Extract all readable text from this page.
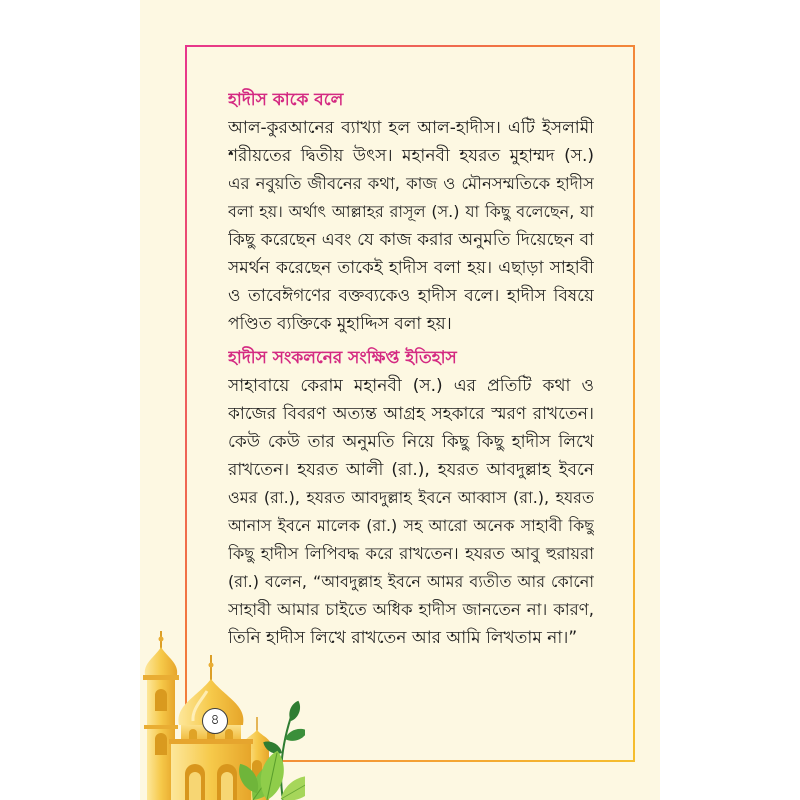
হাদীস কাকে বলে
আল-কুরআনের ব্যাখ্যা হল আল-হাদীস। এটি ইসলামী
শরীয়তের দ্বিতীয় উৎস। মহানবী হযরত মুহাম্মদ (স.)
এর নবুয়তি জীবনের কথা, কাজ ও মৌনসম্মতিকে হাদীস
বলা হয়। অর্থাৎ আল্লাহর রাসূল (স.) যা কিছু বলেছেন, যা
কিছু করেছেন এবং যে কাজ করার অনুমতি দিয়েছেন বা
সমর্থন করেছেন তাকেই হাদীস বলা হয়। এছাড়া সাহাবী
ও তাবেঈগণের বক্তব্যকেও হাদীস বলে। হাদীস বিষয়ে
পণ্ডিত ব্যক্তিকে মুহাদ্দিস বলা হয়।
হাদীস সংকলনের সংক্ষিপ্ত ইতিহাস
সাহাবায়ে কেরাম মহানবী (স.) এর প্রতিটি কথা ও
কাজের বিবরণ অত্যন্ত আগ্রহ সহকারে স্মরণ রাখতেন।
কেউ কেউ তার অনুমতি নিয়ে কিছু কিছু হাদীস লিখে
রাখতেন। হযরত আলী (রা.), হযরত আবদুল্লাহ ইবনে
ওমর (রা.), হযরত আবদুল্লাহ ইবনে আব্বাস (রা.), হযরত
আনাস ইবনে মালেক (রা.) সহ আরো অনেক সাহাবী কিছু
কিছু হাদীস লিপিবদ্ধ করে রাখতেন। হযরত আবু হুরায়রা
(রা.) বলেন, “আবদুল্লাহ ইবনে আমর ব্যতীত আর কোনো
সাহাবী আমার চাইতে অধিক হাদীস জানতেন না। কারণ,
তিনি হাদীস লিখে রাখতেন আর আমি লিখতাম না।”
৪
